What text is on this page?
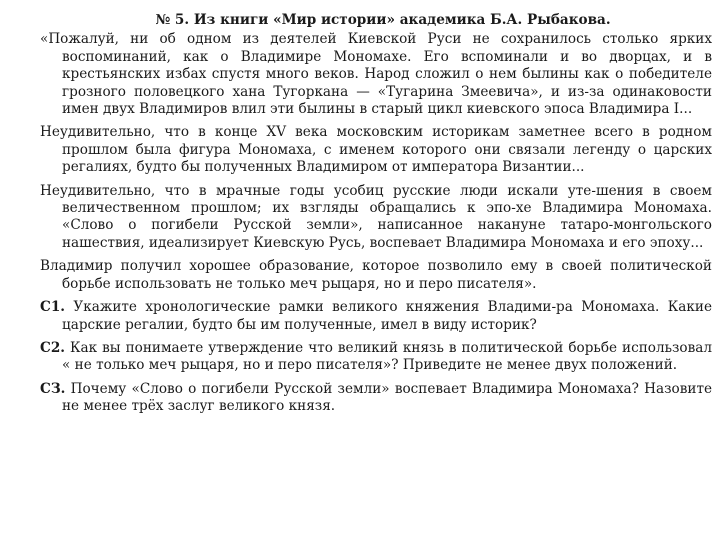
№ 5. Из книги «Мир истории» академика Б.А. Рыбакова.

«Пожалуй, ни об одном из деятелей Киевской Руси не сохранилось столько ярких воспоминаний, как о Владимире Мономахе. Его вспоминали и во дворцах, и в крестьянских избах спустя много веков. Народ сложил о нем былины как о победителе грозного половецкого хана Тугоркана — «Тугарина Змеевича», и из-за одинаковости имен двух Владимиров влил эти былины в старый цикл киевского эпоса Владимира I...

Неудивительно, что в конце XV века московским историкам заметнее всего в родном прошлом была фигура Мономаха, с именем которого они связали легенду о царских регалиях, будто бы полученных Владимиром от императора Византии...

Неудивительно, что в мрачные годы усобиц русские люди искали уте-шения в своем величественном прошлом; их взгляды обращались к эпо-хе Владимира Мономаха. «Слово о погибели Русской земли», написанное накануне татаро-монгольского нашествия, идеализирует Киевскую Русь, воспевает Владимира Мономаха и его эпоху...

Владимир получил хорошее образование, которое позволило ему в своей политической борьбе использовать не только меч рыцаря, но и перо писателя».

С1. Укажите хронологические рамки великого княжения Владими-ра Мономаха. Какие царские регалии, будто бы им полученные, имел в виду историк?

С2. Как вы понимаете утверждение что великий князь в политической борьбе использовал « не только меч рыцаря, но и перо писателя»? Приведите не менее двух положений.

СЗ. Почему «Слово о погибели Русской земли» воспевает Владимира Мономаха? Назовите не менее трёх заслуг великого князя.
